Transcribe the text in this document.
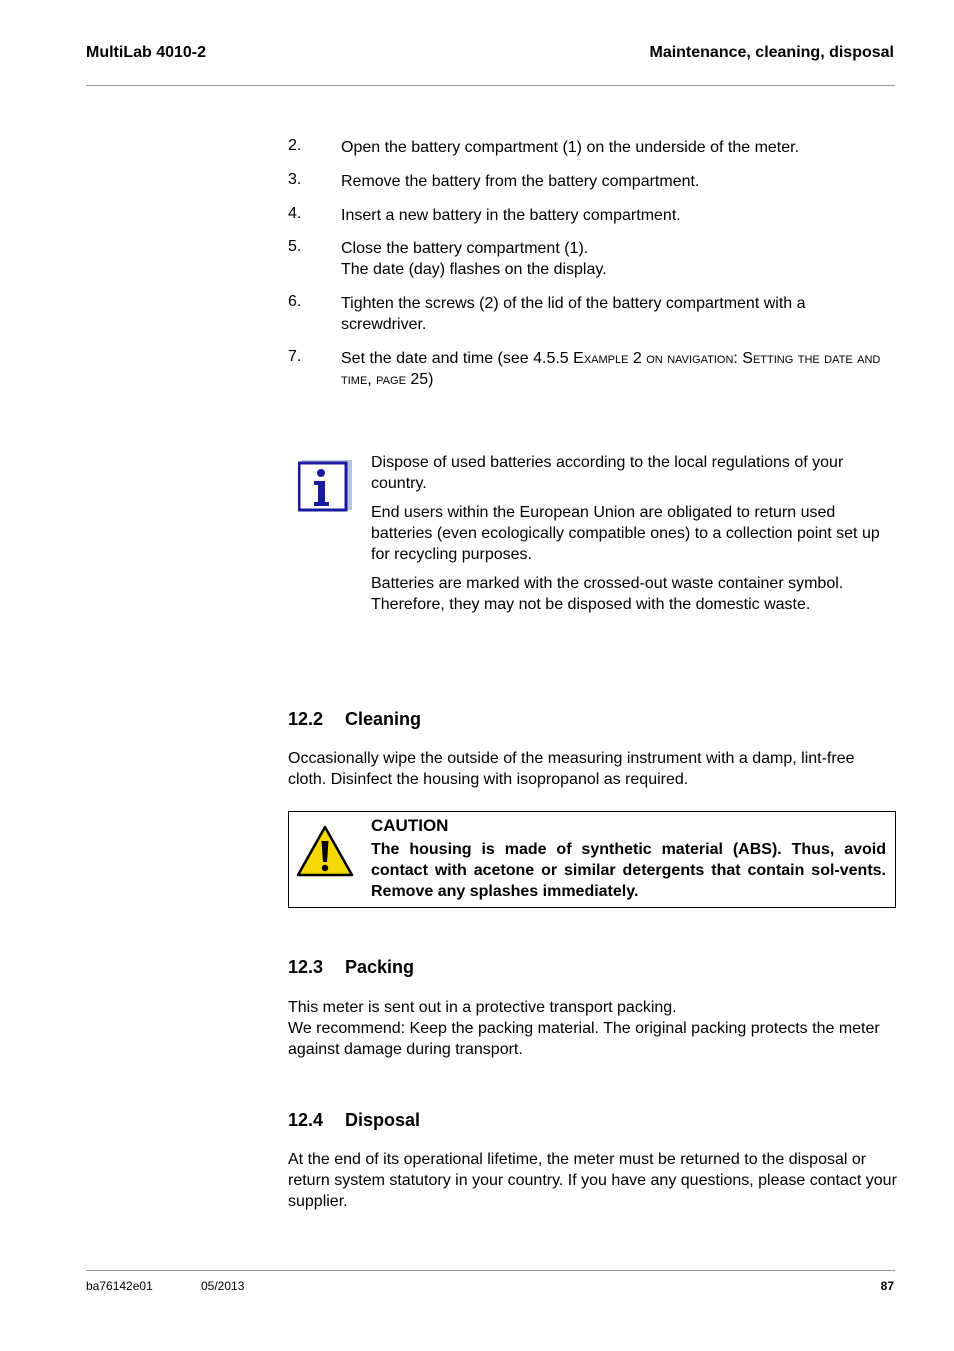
MultiLab 4010-2	Maintenance, cleaning, disposal
2. Open the battery compartment (1) on the underside of the meter.
3. Remove the battery from the battery compartment.
4. Insert a new battery in the battery compartment.
5. Close the battery compartment (1).
The date (day) flashes on the display.
6. Tighten the screws (2) of the lid of the battery compartment with a screwdriver.
7. Set the date and time (see 4.5.5 Example 2 on navigation: Setting the date and time, page 25)

Dispose of used batteries according to the local regulations of your country.

End users within the European Union are obligated to return used batteries (even ecologically compatible ones) to a collection point set up for recycling purposes.

Batteries are marked with the crossed-out waste container symbol. Therefore, they may not be disposed with the domestic waste.

12.2 Cleaning
Occasionally wipe the outside of the measuring instrument with a damp, lint-free cloth. Disinfect the housing with isopropanol as required.
CAUTION
The housing is made of synthetic material (ABS). Thus, avoid contact with acetone or similar detergents that contain sol-vents. Remove any splashes immediately.
12.3 Packing
This meter is sent out in a protective transport packing.
We recommend: Keep the packing material. The original packing protects the meter against damage during transport.
12.4 Disposal
At the end of its operational lifetime, the meter must be returned to the disposal or return system statutory in your country. If you have any questions, please contact your supplier.
ba76142e01	05/2013	87
